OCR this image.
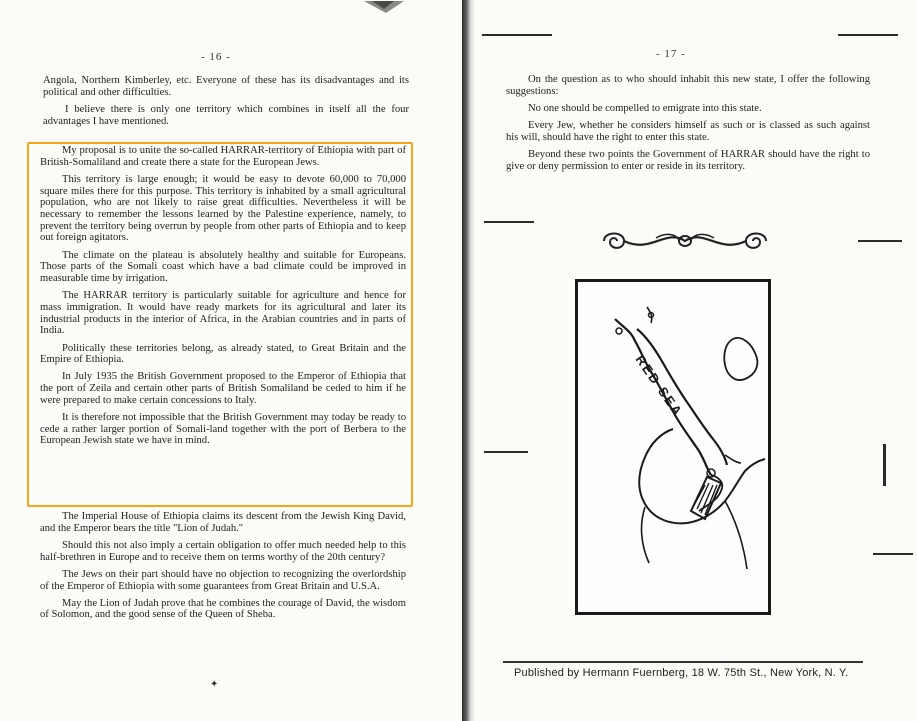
- 16 -

Angola, Northern Kimberley, etc. Everyone of these has its disadvantages and its political and other difficulties.

I believe there is only one territory which combines in itself all the four advantages I have mentioned.

My proposal is to unite the so-called HARRAR-territory of Ethiopia with part of British-Somaliland and create there a state for the European Jews.

This territory is large enough; it would be easy to devote 60,000 to 70,000 square miles there for this purpose. This territory is inhabited by a small agricultural population, who are not likely to raise great difficulties. Nevertheless it will be necessary to remember the lessons learned by the Palestine experience, namely, to prevent the territory being overrun by people from other parts of Ethiopia and to keep out foreign agitators.

The climate on the plateau is absolutely healthy and suitable for Europeans. Those parts of the Somali coast which have a bad climate could be improved in measurable time by irrigation.

The HARRAR territory is particularly suitable for agriculture and hence for mass immigration. It would have ready markets for its agricultural and later its industrial products in the interior of Africa, in the Arabian countries and in parts of India.

Politically these territories belong, as already stated, to Great Britain and the Empire of Ethiopia.

In July 1935 the British Government proposed to the Emperor of Ethiopia that the port of Zeila and certain other parts of British Somaliland be ceded to him if he were prepared to make certain concessions to Italy.

It is therefore not impossible that the British Government may today be ready to cede a rather larger portion of Somali-land together with the port of Berbera to the European Jewish state we have in mind.

The Imperial House of Ethiopia claims its descent from the Jewish King David, and the Emperor bears the title "Lion of Judah."

Should this not also imply a certain obligation to offer much needed help to this half-brethren in Europe and to receive them on terms worthy of the 20th century?

The Jews on their part should have no objection to recognizing the overlordship of the Emperor of Ethiopia with some guarantees from Great Britain and U.S.A.

May the Lion of Judah prove that he combines the courage of David, the wisdom of Solomon, and the good sense of the Queen of Sheba.

✦
- 17 -

On the question as to who should inhabit this new state, I offer the following suggestions:

No one should be compelled to emigrate into this state.

Every Jew, whether he considers himself as such or is classed as such against his will, should have the right to enter this state.

Beyond these two points the Government of HARRAR should have the right to give or deny permission to enter or reside in its territory.

RED SEA
Published by Hermann Fuernberg, 18 W. 75th St., New York, N. Y.
